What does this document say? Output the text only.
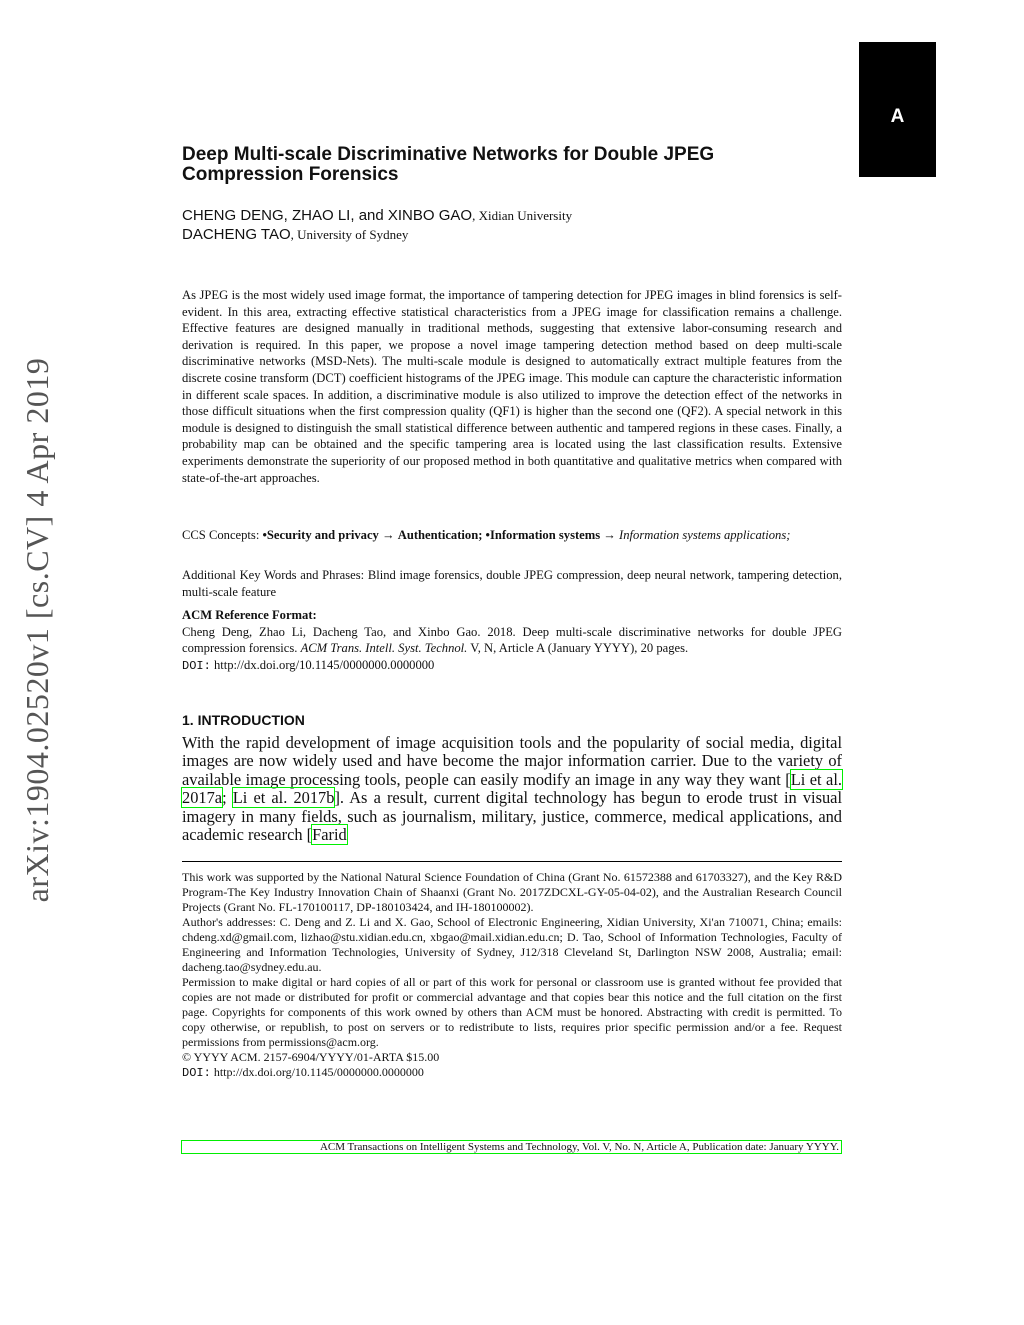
A
arXiv:1904.02520v1 [cs.CV] 4 Apr 2019
Deep Multi-scale Discriminative Networks for Double JPEG
Compression Forensics
CHENG DENG, ZHAO LI, and XINBO GAO, Xidian University
DACHENG TAO, University of Sydney

As JPEG is the most widely used image format, the importance of tampering detection for JPEG images in blind forensics is self-evident. In this area, extracting effective statistical characteristics from a JPEG image for classification remains a challenge. Effective features are designed manually in traditional methods, suggesting that extensive labor-consuming research and derivation is required. In this paper, we propose a novel image tampering detection method based on deep multi-scale discriminative networks (MSD-Nets). The multi-scale module is designed to automatically extract multiple features from the discrete cosine transform (DCT) coefficient histograms of the JPEG image. This module can capture the characteristic information in different scale spaces. In addition, a discriminative module is also utilized to improve the detection effect of the networks in those difficult situations when the first compression quality (QF1) is higher than the second one (QF2). A special network in this module is designed to distinguish the small statistical difference between authentic and tampered regions in these cases. Finally, a probability map can be obtained and the specific tampering area is located using the last classification results. Extensive experiments demonstrate the superiority of our proposed method in both quantitative and qualitative metrics when compared with state-of-the-art approaches.

CCS Concepts: •Security and privacy → Authentication; •Information systems → Information systems applications;

Additional Key Words and Phrases: Blind image forensics, double JPEG compression, deep neural network, tampering detection, multi-scale feature

ACM Reference Format:

Cheng Deng, Zhao Li, Dacheng Tao, and Xinbo Gao. 2018. Deep multi-scale discriminative networks for double JPEG compression forensics. ACM Trans. Intell. Syst. Technol. V, N, Article A (January YYYY), 20 pages.

DOI: http://dx.doi.org/10.1145/0000000.0000000
1. INTRODUCTION

With the rapid development of image acquisition tools and the popularity of social media, digital images are now widely used and have become the major information carrier. Due to the variety of available image processing tools, people can easily modify an image in any way they want [Li et al. 2017a; Li et al. 2017b]. As a result, current digital technology has begun to erode trust in visual imagery in many fields, such as journalism, military, justice, commerce, medical applications, and academic research [Farid

This work was supported by the National Natural Science Foundation of China (Grant No. 61572388 and 61703327), and the Key R&D Program-The Key Industry Innovation Chain of Shaanxi (Grant No. 2017ZDCXL-GY-05-04-02), and the Australian Research Council Projects (Grant No. FL-170100117, DP-180103424, and IH-180100002).

Author's addresses: C. Deng and Z. Li and X. Gao, School of Electronic Engineering, Xidian University, Xi'an 710071, China; emails: chdeng.xd@gmail.com, lizhao@stu.xidian.edu.cn, xbgao@mail.xidian.edu.cn; D. Tao, School of Information Technologies, Faculty of Engineering and Information Technologies, University of Sydney, J12/318 Cleveland St, Darlington NSW 2008, Australia; email: dacheng.tao@sydney.edu.au.

Permission to make digital or hard copies of all or part of this work for personal or classroom use is granted without fee provided that copies are not made or distributed for profit or commercial advantage and that copies bear this notice and the full citation on the first page. Copyrights for components of this work owned by others than ACM must be honored. Abstracting with credit is permitted. To copy otherwise, or republish, to post on servers or to redistribute to lists, requires prior specific permission and/or a fee. Request permissions from permissions@acm.org.

© YYYY ACM. 2157-6904/YYYY/01-ARTA $15.00
DOI: http://dx.doi.org/10.1145/0000000.0000000
ACM Transactions on Intelligent Systems and Technology, Vol. V, No. N, Article A, Publication date: January YYYY.
